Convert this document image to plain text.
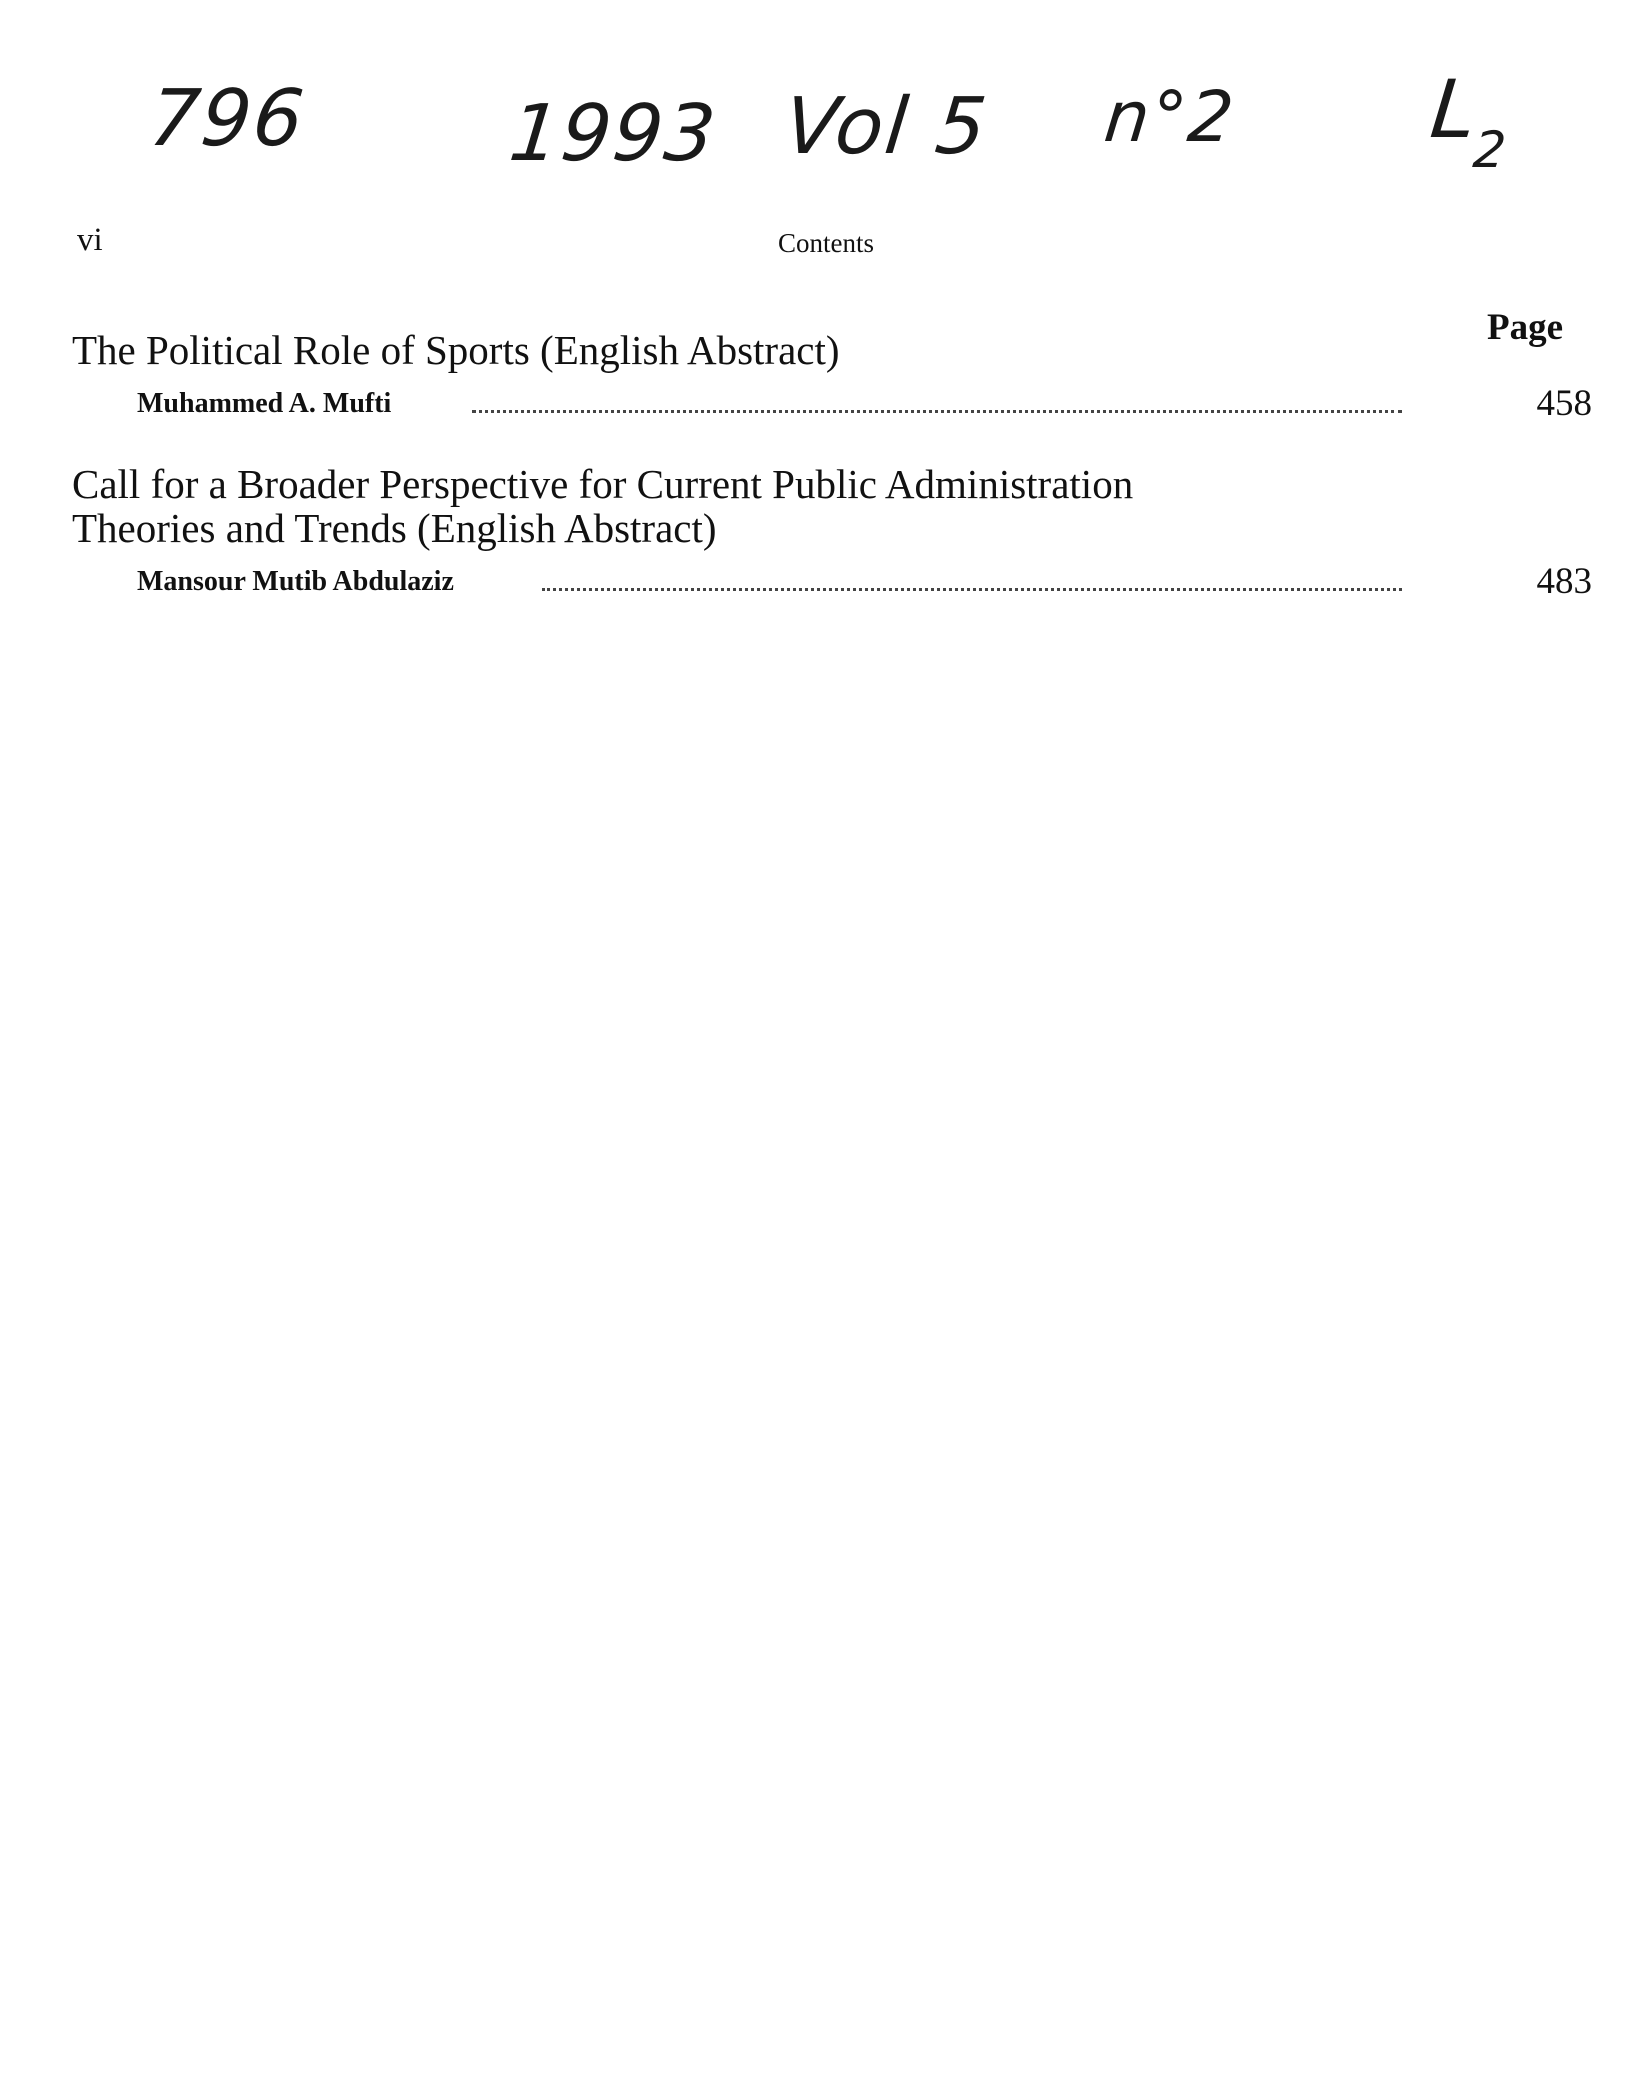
796	1993 Vol 5 n°2 $L_2$
vi	Contents
Page
The Political Role of Sports (English Abstract)
Muhammed A. Mufti	458
Call for a Broader Perspective for Current Public Administration
Theories and Trends (English Abstract)
Mansour Mutib Abdulaziz	483
